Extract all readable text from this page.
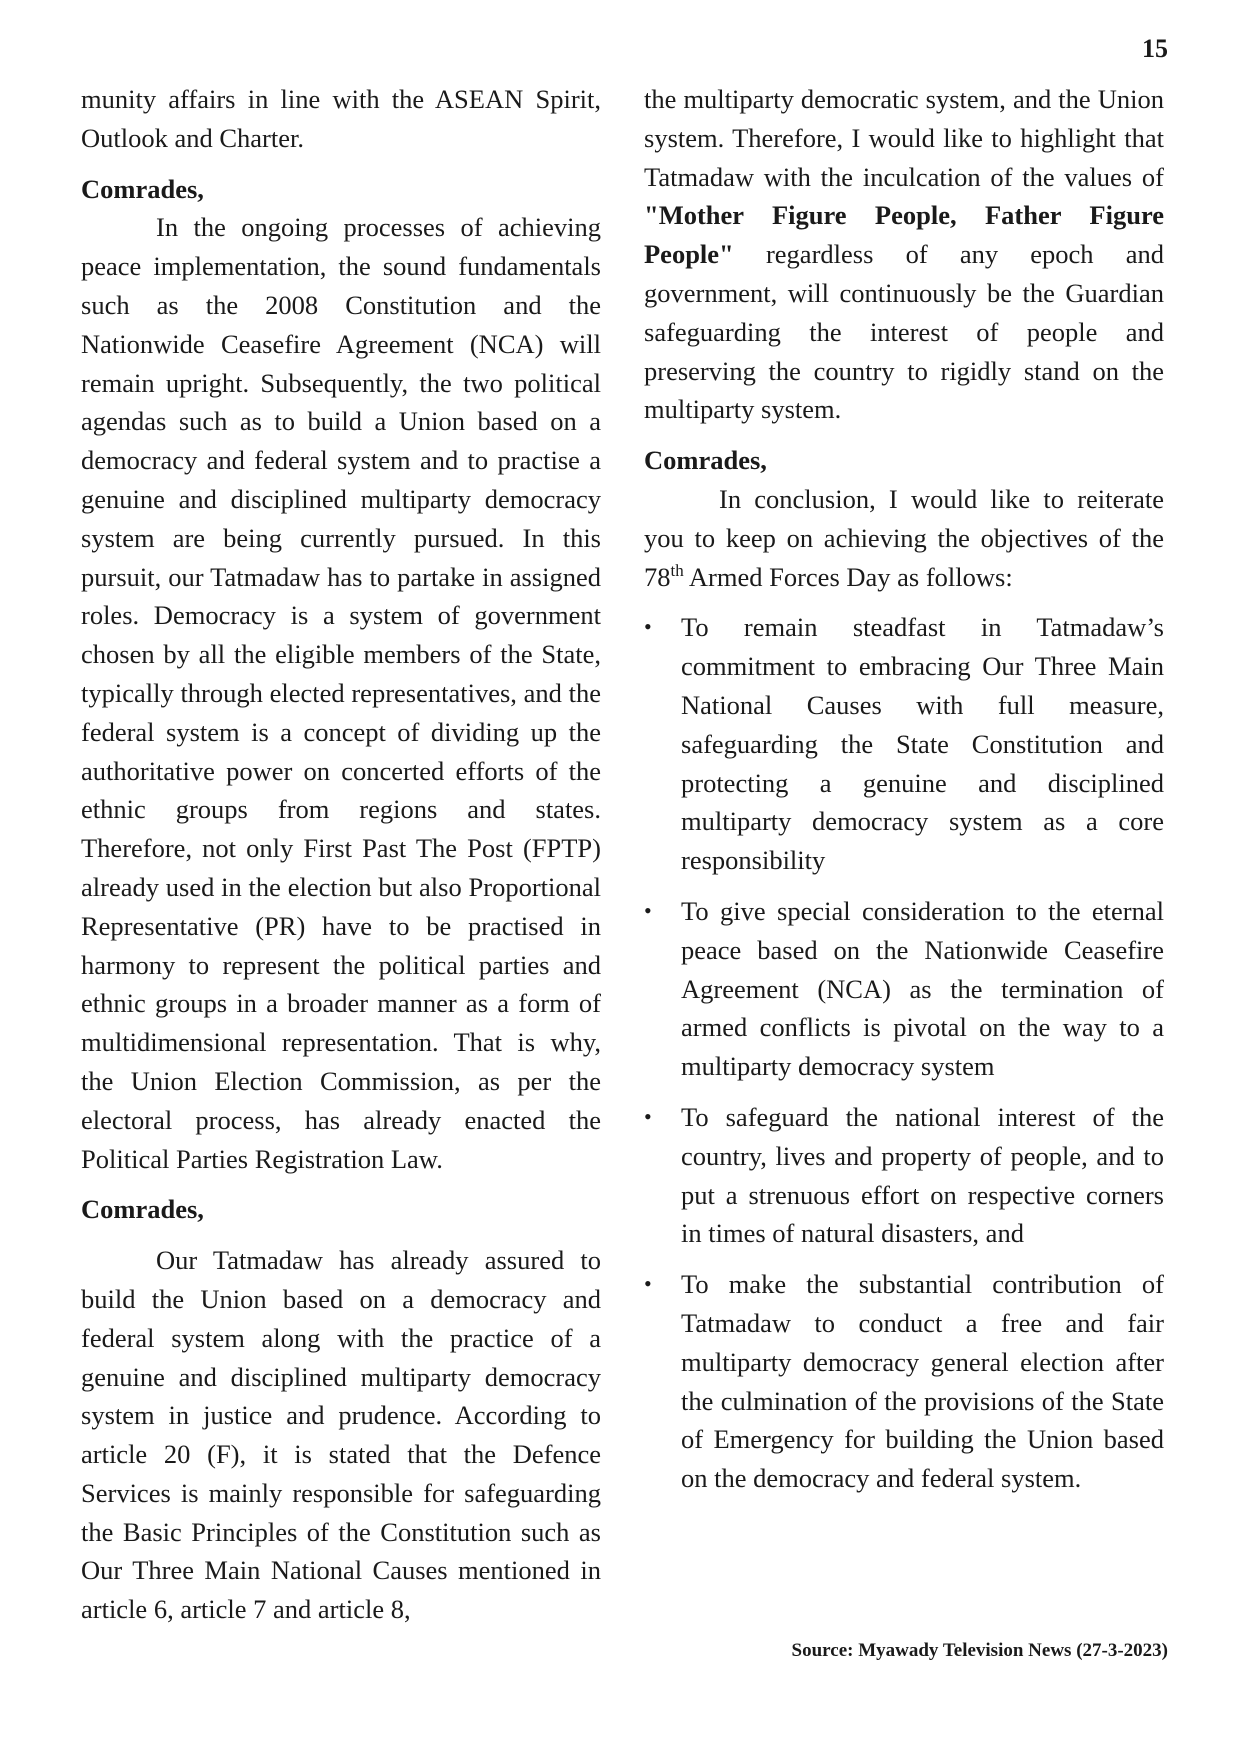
15

munity affairs in line with the ASEAN Spirit, Outlook and Charter.

Comrades,

In the ongoing processes of achieving peace implementation, the sound fundamentals such as the 2008 Constitution and the Nationwide Ceasefire Agreement (NCA) will remain upright. Subsequently, the two political agendas such as to build a Union based on a democracy and federal system and to practise a genuine and disciplined multiparty democracy system are being currently pursued. In this pursuit, our Tatmadaw has to partake in assigned roles. Democracy is a system of government chosen by all the eligible members of the State, typically through elected representatives, and the federal system is a concept of dividing up the authoritative power on concerted efforts of the ethnic groups from regions and states. Therefore, not only First Past The Post (FPTP) already used in the election but also Proportional Representative (PR) have to be practised in harmony to represent the political parties and ethnic groups in a broader manner as a form of multidimensional representation. That is why, the Union Election Commission, as per the electoral process, has already enacted the Political Parties Registration Law.

Comrades,

Our Tatmadaw has already assured to build the Union based on a democracy and federal system along with the practice of a genuine and disciplined multiparty democracy system in justice and prudence. According to article 20 (F), it is stated that the Defence Services is mainly responsible for safeguarding the Basic Principles of the Constitution such as Our Three Main National Causes mentioned in article 6, article 7 and article 8,

the multiparty democratic system, and the Union system. Therefore, I would like to highlight that Tatmadaw with the inculcation of the values of "Mother Figure People, Father Figure People" regardless of any epoch and government, will continuously be the Guardian safeguarding the interest of people and preserving the country to rigidly stand on the multiparty system.

Comrades,

In conclusion, I would like to reiterate you to keep on achieving the objectives of the 78th Armed Forces Day as follows:

• To remain steadfast in Tatmadaw’s commitment to embracing Our Three Main National Causes with full measure, safeguarding the State Constitution and protecting a genuine and disciplined multiparty democracy system as a core responsibility
• To give special consideration to the eternal peace based on the Nationwide Ceasefire Agreement (NCA) as the termination of armed conflicts is pivotal on the way to a multiparty democracy system
• To safeguard the national interest of the country, lives and property of people, and to put a strenuous effort on respective corners in times of natural disasters, and
• To make the substantial contribution of Tatmadaw to conduct a free and fair multiparty democracy general election after the culmination of the provisions of the State of Emergency for building the Union based on the democracy and federal system.
Source: Myawady Television News (27-3-2023)
